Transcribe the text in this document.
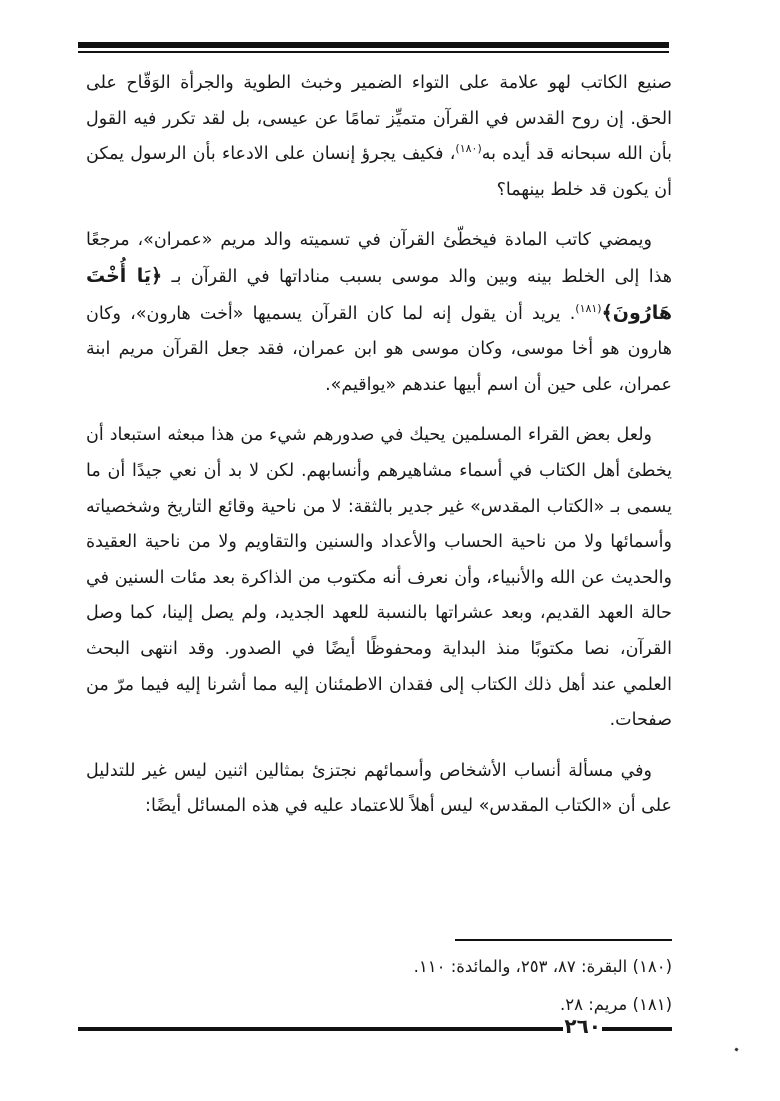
صنيع الكاتب لهو علامة على التواء الضمير وخبث الطوية والجرأة الوَقّاح على الحق. إن روح القدس في القرآن متميِّز تمامًا عن عيسى، بل لقد تكرر فيه القول بأن الله سبحانه قد أيده به$^{(١٨٠)}$، فكيف يجرؤ إنسان على الادعاء بأن الرسول يمكن أن يكون قد خلط بينهما؟

ويمضي كاتب المادة فيخطّئ القرآن في تسميته والد مريم «عمران»، مرجعًا هذا إلى الخلط بينه وبين والد موسى بسبب مناداتها في القرآن بـ ﴿يَا أُخْتَ هَارُونَ﴾$^{(١٨١)}$. يريد أن يقول إنه لما كان القرآن يسميها «أخت هارون»، وكان هارون هو أخا موسى، وكان موسى هو ابن عمران، فقد جعل القرآن مريم ابنة عمران، على حين أن اسم أبيها عندهم «يواقيم».

ولعل بعض القراء المسلمين يحيك في صدورهم شيء من هذا مبعثه استبعاد أن يخطئ أهل الكتاب في أسماء مشاهيرهم وأنسابهم. لكن لا بد أن نعي جيدًا أن ما يسمى بـ «الكتاب المقدس» غير جدير بالثقة: لا من ناحية وقائع التاريخ وشخصياته وأسمائها ولا من ناحية الحساب والأعداد والسنين والتقاويم ولا من ناحية العقيدة والحديث عن الله والأنبياء، وأن نعرف أنه مكتوب من الذاكرة بعد مئات السنين في حالة العهد القديم، وبعد عشراتها بالنسبة للعهد الجديد، ولم يصل إلينا، كما وصل القرآن، نصا مكتوبًا منذ البداية ومحفوظًا أيضًا في الصدور. وقد انتهى البحث العلمي عند أهل ذلك الكتاب إلى فقدان الاطمئنان إليه مما أشرنا إليه فيما مرّ من صفحات.

وفي مسألة أنساب الأشخاص وأسمائهم نجتزئ بمثالين اثنين ليس غير للتدليل على أن «الكتاب المقدس» ليس أهلاً للاعتماد عليه في هذه المسائل أيضًا:

(١٨٠) البقرة: ٨٧، ٢٥٣، والمائدة: ١١٠.

(١٨١) مريم: ٢٨.

٢٦٠
